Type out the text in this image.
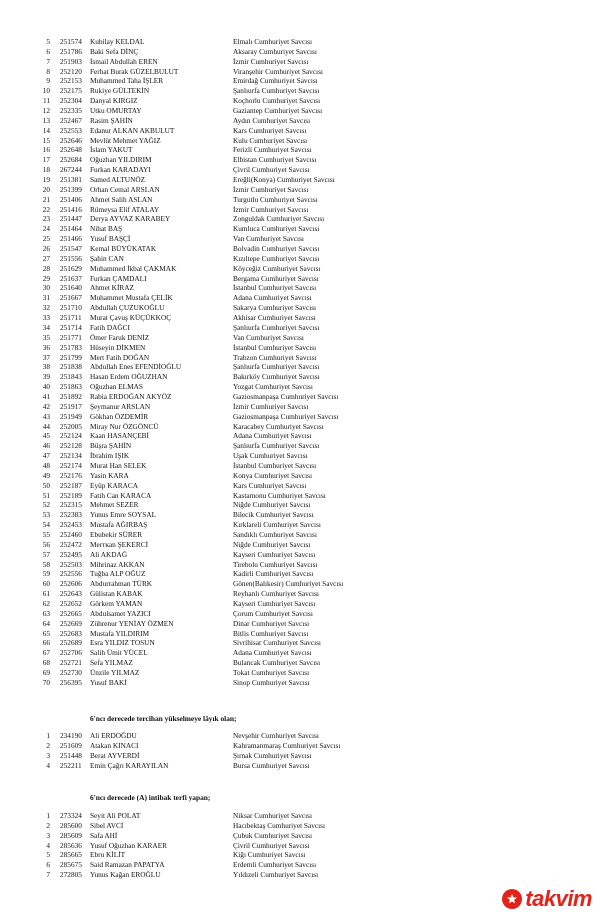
5 251574 Kubilay KELDAL	Elmalı Cumhuriyet Savcısı
6 251786 Baki Sefa DİNÇ	Aksaray Cumhuriyet Savcısı
7 251903 İsmail Abdullah EREN	İzmir Cumhuriyet Savcısı
8 252120 Ferhat Burak GÜZELBULUT	Viranşehir Cumhuriyet Savcısı
9 252153 Muhammed Taha İŞLER	Emirdağ Cumhuriyet Savcısı
10 252175 Rukiye GÜLTEKİN	Şanlıurfa Cumhuriyet Savcısı
11 252304 Danyal KIRGIZ	Koçhorlu Cumhuriyet Savcısı
12 252335 Utku OMURTAY	Gaziantep Cumhuriyet Savcısı
13 252467 Rasim ŞAHİN	Aydın Cumhuriyet Savcısı
14 252553 Edanur ALKAN AKBULUT	Kars Cumhuriyet Savcısı
15 252646 Mevlüt Mehmet YAĞIZ	Kulu Cumhuriyet Savcısı
16 252648 İslam YAKUT	Ferizli Cumhuriyet Savcısı
17 252684 Oğuzhan YILDIRIM	Elbistan Cumhuriyet Savcısı
18 267244 Furkan KARADAYI	Çivril Cumhuriyet Savcısı
19 251381 Samed ALTUNÖZ	Ereğli(Konya) Cumhuriyet Savcısı
20 251399 Orhan Cemal ARSLAN	İzmir Cumhuriyet Savcısı
21 251406 Ahmet Salih ASLAN	Turgutlu Cumhuriyet Savcısı
22 251416 Rümeysa Elif ATALAY	İzmir Cumhuriyet Savcısı
23 251447 Derya AYVAZ KARABEY	Zonguldak Cumhuriyet Savcısı
24 251464 Nihat BAŞ	Kumluca Cumhuriyet Savcısı
25 251466 Yusuf BAŞÇİ	Van Cumhuriyet Savcısı
26 251547 Kemal BÜYÜKATAK	Bolvadin Cumhuriyet Savcısı
27 251556 Şahin CAN	Kızıltepe Cumhuriyet Savcısı
28 251629 Muhammed İkbal ÇAKMAK	Köyceğiz Cumhuriyet Savcısı
29 251637 Furkan ÇAMDALI	Bergama Cumhuriyet Savcısı
30 251640 Ahmet KİRAZ	İstanbul Cumhuriyet Savcısı
31 251667 Muhammet Mustafa ÇELİK	Adana Cumhuriyet Savcısı
32 251710 Abdullah ÇUZUKOĞLU	Sakarya Cumhuriyet Savcısı
33 251711 Murat Çavuş KÜÇÜKKOÇ	Akhisar Cumhuriyet Savcısı
34 251714 Fatih DAĞCI	Şanlıurfa Cumhuriyet Savcısı
35 251771 Ömer Faruk DENİZ	Van Cumhuriyet Savcısı
36 251783 Hüseyin DİKMEN	İstanbul Cumhuriyet Savcısı
37 251799 Mert Fatih DOĞAN	Trabzon Cumhuriyet Savcısı
38 251838 Abdullah Enes EFENDİOĞLU	Şanlıurfa Cumhuriyet Savcısı
39 251843 Hasan Erdem OĞUZHAN	Bakırköy Cumhuriyet Savcısı
40 251863 Oğuzhan ELMAS	Yozgat Cumhuriyet Savcısı
41 251892 Rabia ERDOĞAN AKYÖZ	Gaziosmanpaşa Cumhuriyet Savcısı
42 251917 Şeymanur ARSLAN	İzmir Cumhuriyet Savcısı
43 251949 Gökhan ÖZDEMİR	Gaziosmanpaşa Cumhuriyet Savcısı
44 252005 Miray Nur ÖZGÖNCÜ	Karacabey Cumhuriyet Savcısı
45 252124 Kaan HASANÇEBİ	Adana Cumhuriyet Savcısı
46 252128 Büşra ŞAHİN	Şanlıurfa Cumhuriyet Savcısı
47 252134 İbrahim IŞIK	Uşak Cumhuriyet Savcısı
48 252174 Murat Han SELEK	İstanbul Cumhuriyet Savcısı
49 252176 Yasin KARA	Konya Cumhuriyet Savcısı
50 252187 Eyüp KARACA	Kars Cumhuriyet Savcısı
51 252189 Fatih Can KARACA	Kastamonu Cumhuriyet Savcısı
52 252315 Mehmet SEZER	Niğde Cumhuriyet Savcısı
53 252383 Yunus Emre SOYSAL	Bilecik Cumhuriyet Savcısı
54 252453 Mustafa AĞIRBAŞ	Kırklareli Cumhuriyet Savcısı
55 252460 Ebubekir SÜRER	Sandıklı Cumhuriyet Savcısı
56 252472 Merткan ŞEKERCİ	Niğde Cumhuriyet Savcısı
57 252495 Ali AKDAĞ	Kayseri Cumhuriyet Savcısı
58 252503 Mihrinaz AKKAN	Tirebolu Cumhuriyet Savcısı
59 252556 Tuğba ALP OĞUZ	Kadirli Cumhuriyet Savcısı
60 252606 Abdurrahman TÜRK	Gönen(Balıkesir) Cumhuriyet Savcısı
61 252643 Gülistan KABAK	Reyhanlı Cumhuriyet Savcısı
62 252652 Görkem YAMAN	Kayseri Cumhuriyet Savcısı
63 252665 Abdulsamet YAZICI	Çorum Cumhuriyet Savcısı
64 252669 Zührenur YENİAY ÖZMEN	Dinar Cumhuriyet Savcısı
65 252683 Mustafa YILDIRIM	Bitlis Cumhuriyet Savcısı
66 252689 Esra YILDIZ TOSUN	Sivrihisar Cumhuriyet Savcısı
67 252706 Salih Ümit YÜCEL	Adana Cumhuriyet Savcısı
68 252721 Sefa YILMAZ	Bulancak Cumhuriyet Savcısı
69 252730 Ünzile YILMAZ	Tokat Cumhuriyet Savcısı
70 256395 Yusuf BAKİ	Sinop Cumhuriyet Savcısı
6'ncı derecede tercihan yükselmeye lâyık olan;
1 234190 Ali ERDOĞDU	Nevşehir Cumhuriyet Savcısı
2 251609 Atakan KINACI	Kahramanmaraş Cumhuriyet Savcısı
3 251448 Berat AYVERDİ	Şırnak Cumhuriyet Savcısı
4 252211 Emin Çağrı KARAYILAN	Bursa Cumhuriyet Savcısı
6'ncı derecede (A) intibak terfi yapan;
1 273324 Seyit Ali POLAT	Niksar Cumhuriyet Savcısı
2 285600 Sibel AVCİ	Hacıbektaş Cumhuriyet Savcısı
3 285609 Safa AHİ	Çubuk Cumhuriyet Savcısı
4 285636 Yusuf Oğuzhan KARAER	Çivril Cumhuriyet Savcısı
5 285665 Ebru KİLİT	Kiğı Cumhuriyet Savcısı
6 285675 Said Ramazan PAPATYA	Erdemli Cumhuriyet Savcısı
7 272805 Yunus Kağan EROĞLU	Yıldızeli Cumhuriyet Savcısı
takvim
